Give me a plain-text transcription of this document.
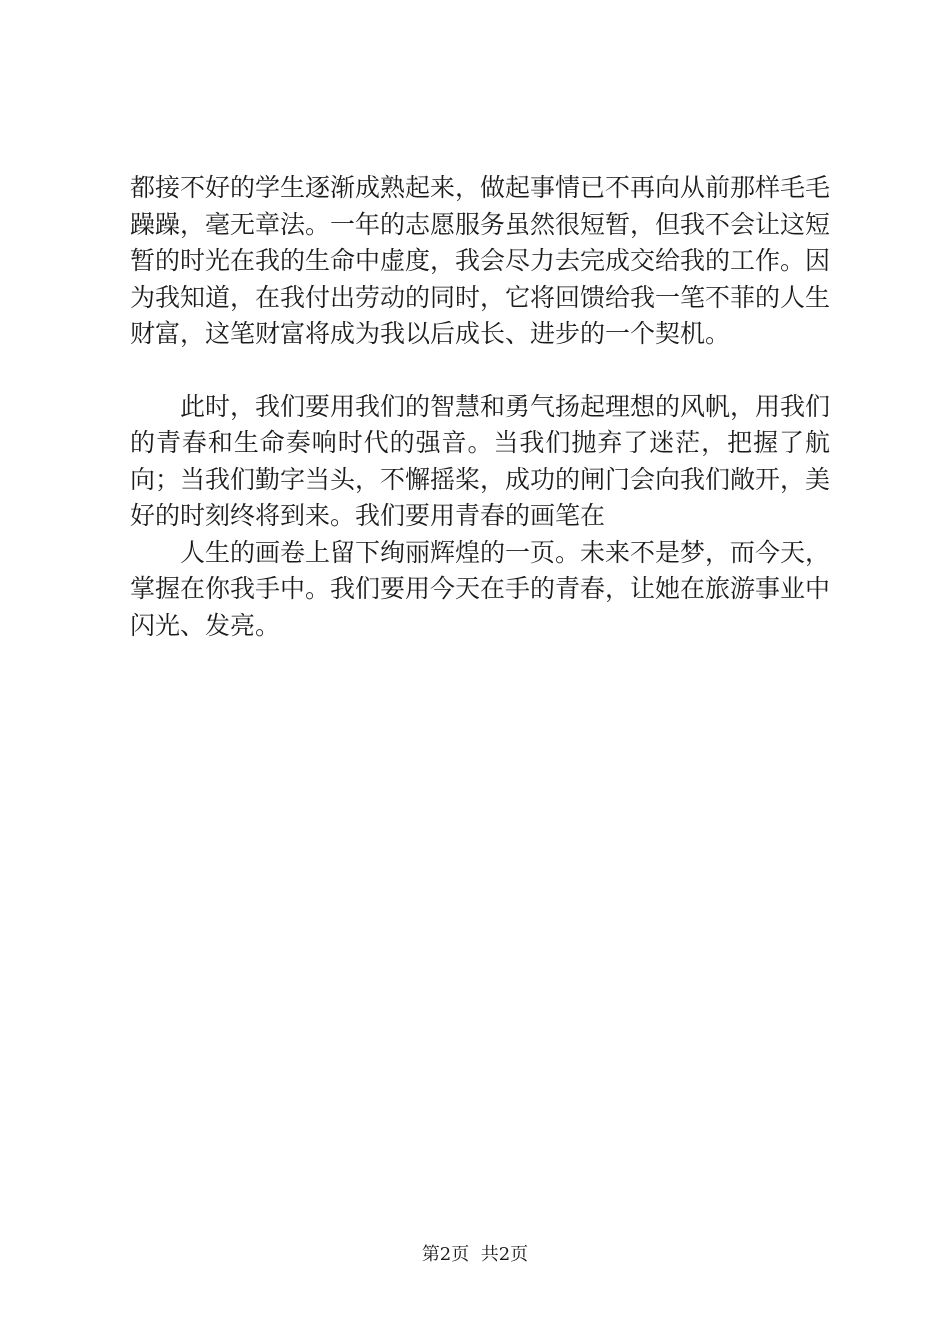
都接不好的学生逐渐成熟起来，做起事情已不再向从前那样毛毛躁躁，毫无章法。一年的志愿服务虽然很短暂，但我不会让这短暂的时光在我的生命中虚度，我会尽力去完成交给我的工作。因为我知道，在我付出劳动的同时，它将回馈给我一笔不菲的人生财富，这笔财富将成为我以后成长、进步的一个契机。

此时，我们要用我们的智慧和勇气扬起理想的风帆，用我们的青春和生命奏响时代的强音。当我们抛弃了迷茫，把握了航向；当我们勤字当头，不懈摇桨，成功的闸门会向我们敞开，美好的时刻终将到来。我们要用青春的画笔在

人生的画卷上留下绚丽辉煌的一页。未来不是梦，而今天，掌握在你我手中。我们要用今天在手的青春，让她在旅游事业中闪光、发亮。

第2页  共2页
